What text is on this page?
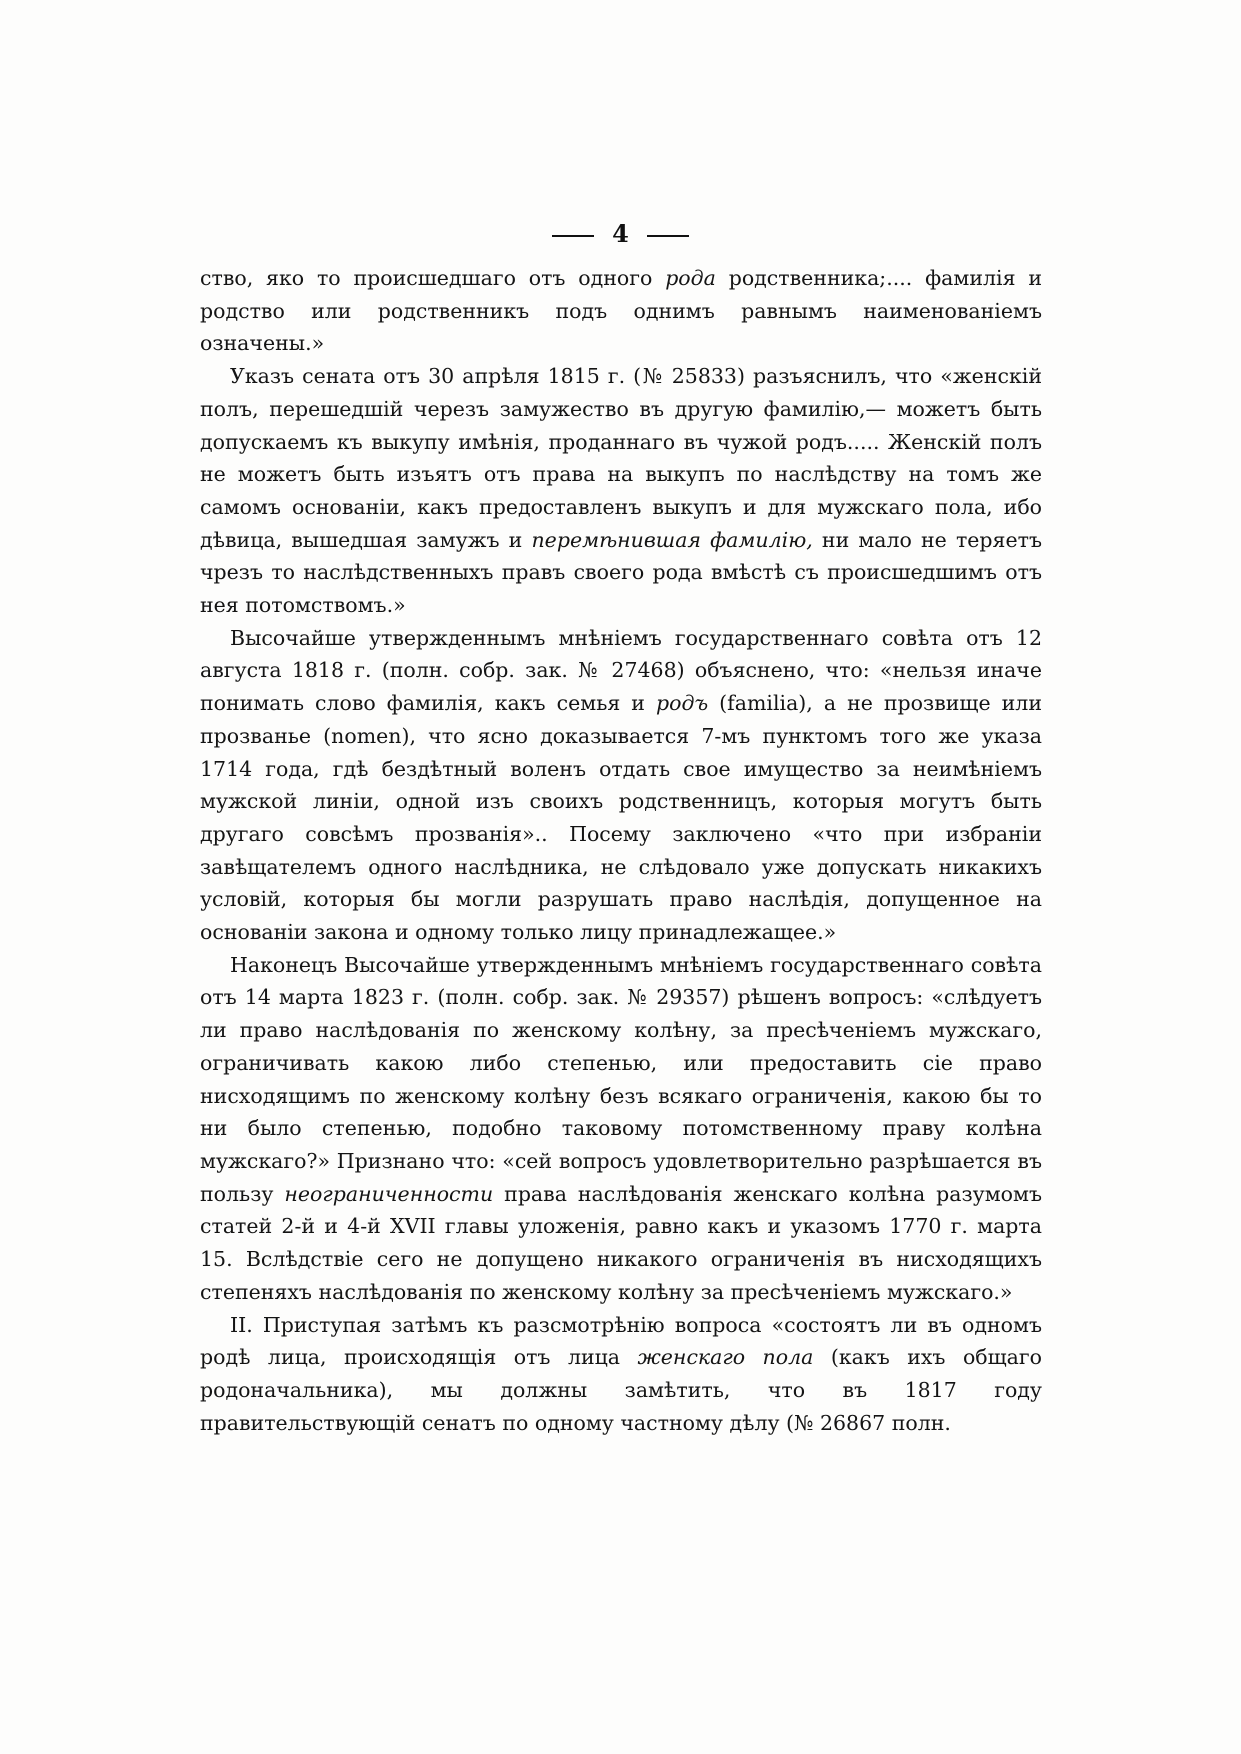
4

ство, яко то происшедшаго отъ одного рода родственника;.... фамилія и родство или родственникъ подъ однимъ равнымъ наименованіемъ означены.»

Указъ сената отъ 30 апрѣля 1815 г. (№ 25833) разъяснилъ, что «женскій полъ, перешедшій черезъ замужество въ другую фамилію,— можетъ быть допускаемъ къ выкупу имѣнія, проданнаго въ чужой родъ..... Женскій полъ не можетъ быть изъятъ отъ права на выкупъ по наслѣдству на томъ же самомъ основаніи, какъ предоставленъ выкупъ и для мужскаго пола, ибо дѣвица, вышедшая замужъ и перемѣнившая фамилію, ни мало не теряетъ чрезъ то наслѣдственныхъ правъ своего рода вмѣстѣ съ происшедшимъ отъ нея потомствомъ.»

Высочайше утвержденнымъ мнѣніемъ государственнаго совѣта отъ 12 августа 1818 г. (полн. собр. зак. № 27468) объяснено, что: «нельзя иначе понимать слово фамилія, какъ семья и родъ (familia), а не прозвище или прозванье (nomen), что ясно доказывается 7-мъ пунктомъ того же указа 1714 года, гдѣ бездѣтный воленъ отдать свое имущество за неимѣніемъ мужской линіи, одной изъ своихъ родственницъ, которыя могутъ быть другаго совсѣмъ прозванія».. Посему заключено «что при избраніи завѣщателемъ одного наслѣдника, не слѣдовало уже допускать никакихъ условій, которыя бы могли разрушать право наслѣдія, допущенное на основаніи закона и одному только лицу принадлежащее.»

Наконецъ Высочайше утвержденнымъ мнѣніемъ государственнаго совѣта отъ 14 марта 1823 г. (полн. собр. зак. № 29357) рѣшенъ вопросъ: «слѣдуетъ ли право наслѣдованія по женскому колѣну, за пресѣченіемъ мужскаго, ограничивать какою либо степенью, или предоставить сіе право нисходящимъ по женскому колѣну безъ всякаго ограниченія, какою бы то ни было степенью, подобно таковому потомственному праву колѣна мужскаго?» Признано что: «сей вопросъ удовлетворительно разрѣшается въ пользу неограниченности права наслѣдованія женскаго колѣна разумомъ статей 2-й и 4-й XVII главы уложенія, равно какъ и указомъ 1770 г. марта 15. Вслѣдствіе сего не допущено никакого ограниченія въ нисходящихъ степеняхъ наслѣдованія по женскому колѣну за пресѣченіемъ мужскаго.»

II. Приступая затѣмъ къ разсмотрѣнію вопроса «состоятъ ли въ одномъ родѣ лица, происходящія отъ лица женскаго пола (какъ ихъ общаго родоначальника), мы должны замѣтить, что въ 1817 году правительствующій сенатъ по одному частному дѣлу (№ 26867 полн.
